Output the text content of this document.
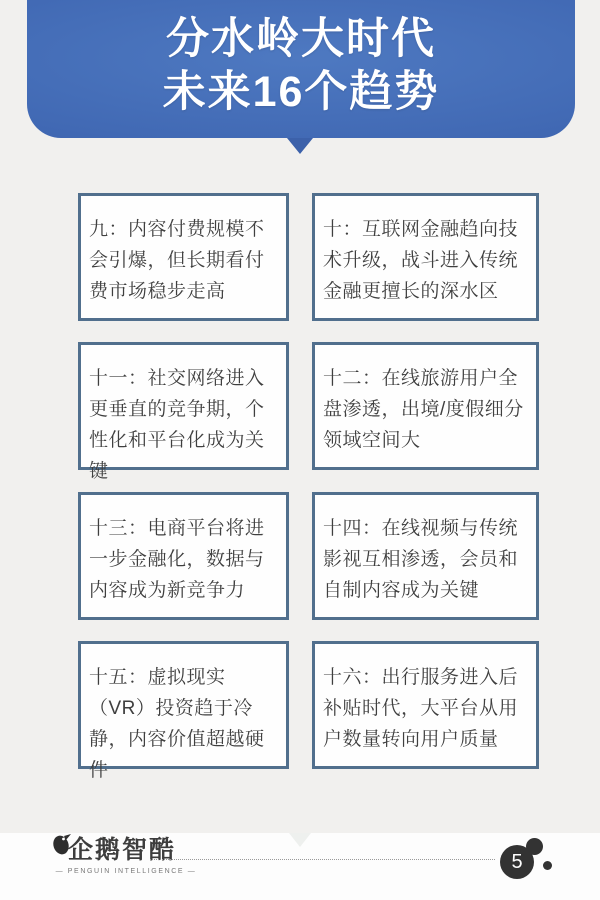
分水岭大时代
未来16个趋势
九：内容付费规模不会引爆，但长期看付费市场稳步走高
十：互联网金融趋向技术升级，战斗进入传统金融更擅长的深水区
十一：社交网络进入更垂直的竞争期，个性化和平台化成为关键
十二：在线旅游用户全盘渗透，出境/度假细分领域空间大
十三：电商平台将进一步金融化，数据与内容成为新竞争力
十四：在线视频与传统影视互相渗透，会员和自制内容成为关键
十五：虚拟现实（VR）投资趋于冷静，内容价值超越硬件
十六：出行服务进入后补贴时代，大平台从用户数量转向用户质量
企鹅智酷
— PENGUIN INTELLIGENCE —	5
